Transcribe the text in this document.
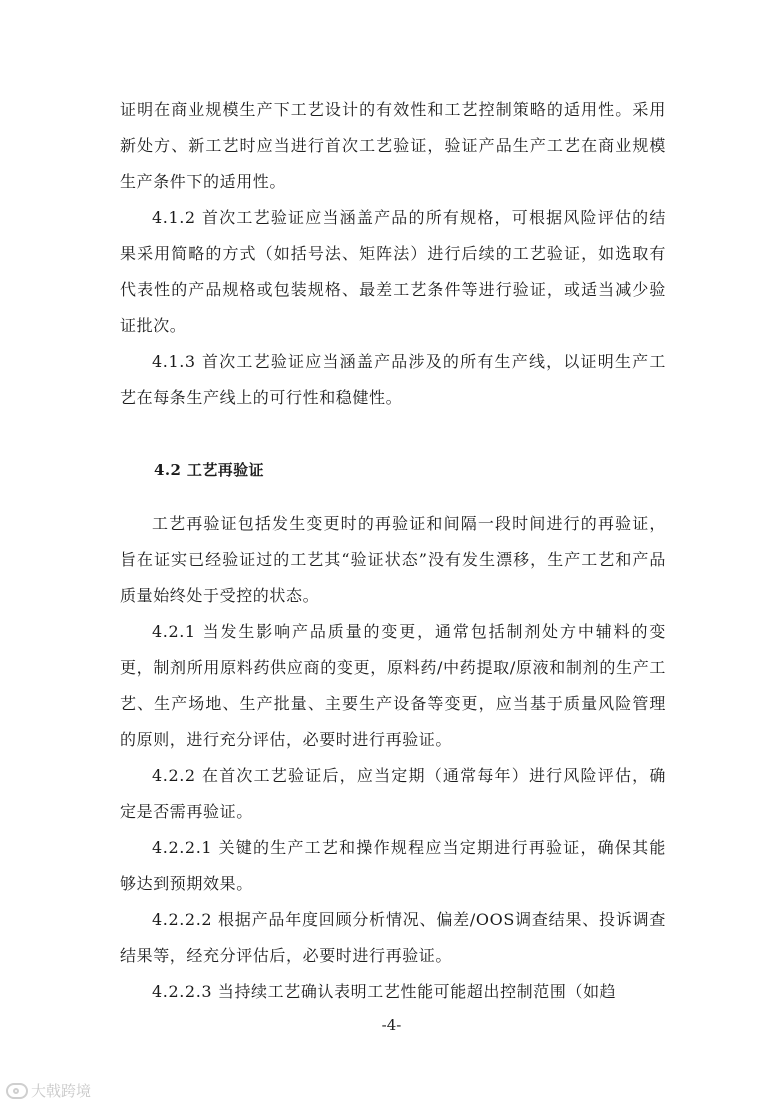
证明在商业规模生产下工艺设计的有效性和工艺控制策略的适用性。采用新处方、新工艺时应当进行首次工艺验证，验证产品生产工艺在商业规模生产条件下的适用性。

4.1.2 首次工艺验证应当涵盖产品的所有规格，可根据风险评估的结果采用简略的方式（如括号法、矩阵法）进行后续的工艺验证，如选取有代表性的产品规格或包装规格、最差工艺条件等进行验证，或适当减少验证批次。

4.1.3 首次工艺验证应当涵盖产品涉及的所有生产线，以证明生产工艺在每条生产线上的可行性和稳健性。

4.2 工艺再验证

工艺再验证包括发生变更时的再验证和间隔一段时间进行的再验证，旨在证实已经验证过的工艺其“验证状态”没有发生漂移，生产工艺和产品质量始终处于受控的状态。

4.2.1 当发生影响产品质量的变更，通常包括制剂处方中辅料的变更，制剂所用原料药供应商的变更，原料药/中药提取/原液和制剂的生产工艺、生产场地、生产批量、主要生产设备等变更，应当基于质量风险管理的原则，进行充分评估，必要时进行再验证。

4.2.2 在首次工艺验证后，应当定期（通常每年）进行风险评估，确定是否需再验证。

4.2.2.1 关键的生产工艺和操作规程应当定期进行再验证，确保其能够达到预期效果。

4.2.2.2 根据产品年度回顾分析情况、偏差/OOS调查结果、投诉调查结果等，经充分评估后，必要时进行再验证。

4.2.2.3 当持续工艺确认表明工艺性能可能超出控制范围（如趋

-4-
大戟跨境
